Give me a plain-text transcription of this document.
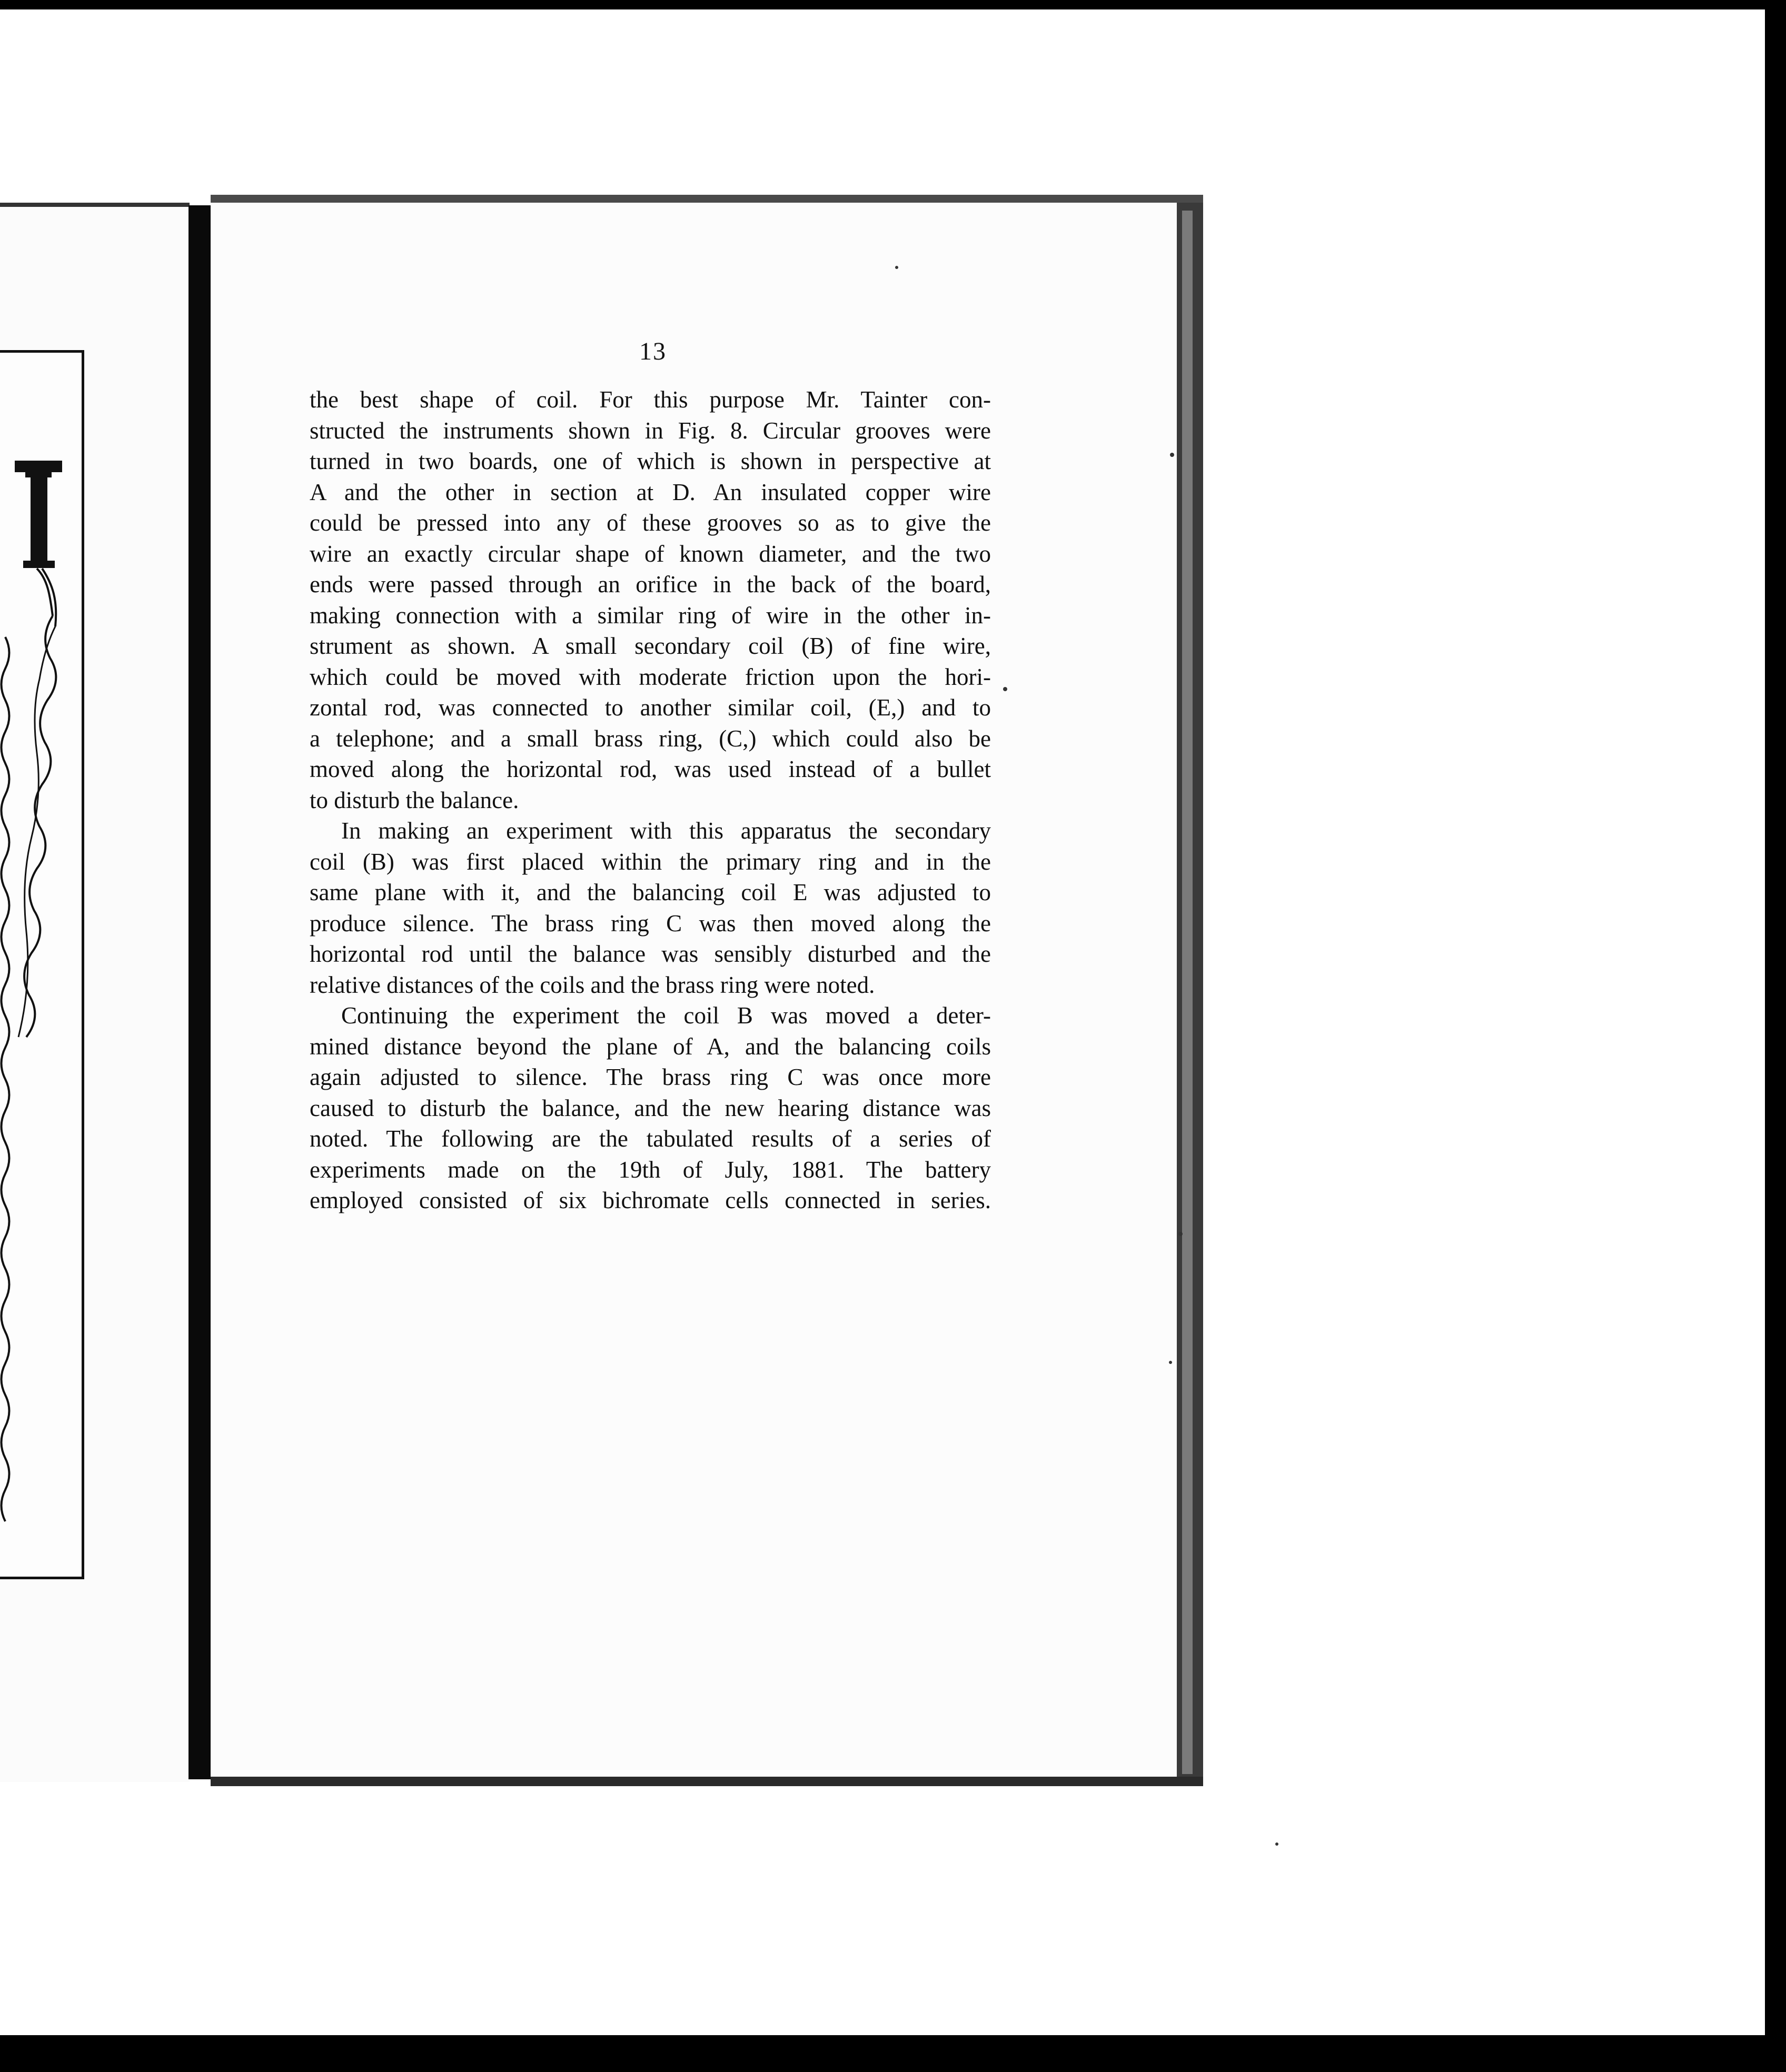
13
the best shape of coil. For this purpose Mr. Tainter con-
structed the instruments shown in Fig. 8. Circular grooves were
turned in two boards, one of which is shown in perspective at
A and the other in section at D. An insulated copper wire
could be pressed into any of these grooves so as to give the
wire an exactly circular shape of known diameter, and the two
ends were passed through an orifice in the back of the board,
making connection with a similar ring of wire in the other in-
strument as shown. A small secondary coil (B) of fine wire,
which could be moved with moderate friction upon the hori-
zontal rod, was connected to another similar coil, (E,) and to
a telephone; and a small brass ring, (C,) which could also be
moved along the horizontal rod, was used instead of a bullet
to disturb the balance.
In making an experiment with this apparatus the secondary
coil (B) was first placed within the primary ring and in the
same plane with it, and the balancing coil E was adjusted to
produce silence. The brass ring C was then moved along the
horizontal rod until the balance was sensibly disturbed and the
relative distances of the coils and the brass ring were noted.
Continuing the experiment the coil B was moved a deter-
mined distance beyond the plane of A, and the balancing coils
again adjusted to silence. The brass ring C was once more
caused to disturb the balance, and the new hearing distance was
noted. The following are the tabulated results of a series of
experiments made on the 19th of July, 1881. The battery
employed consisted of six bichromate cells connected in series.
